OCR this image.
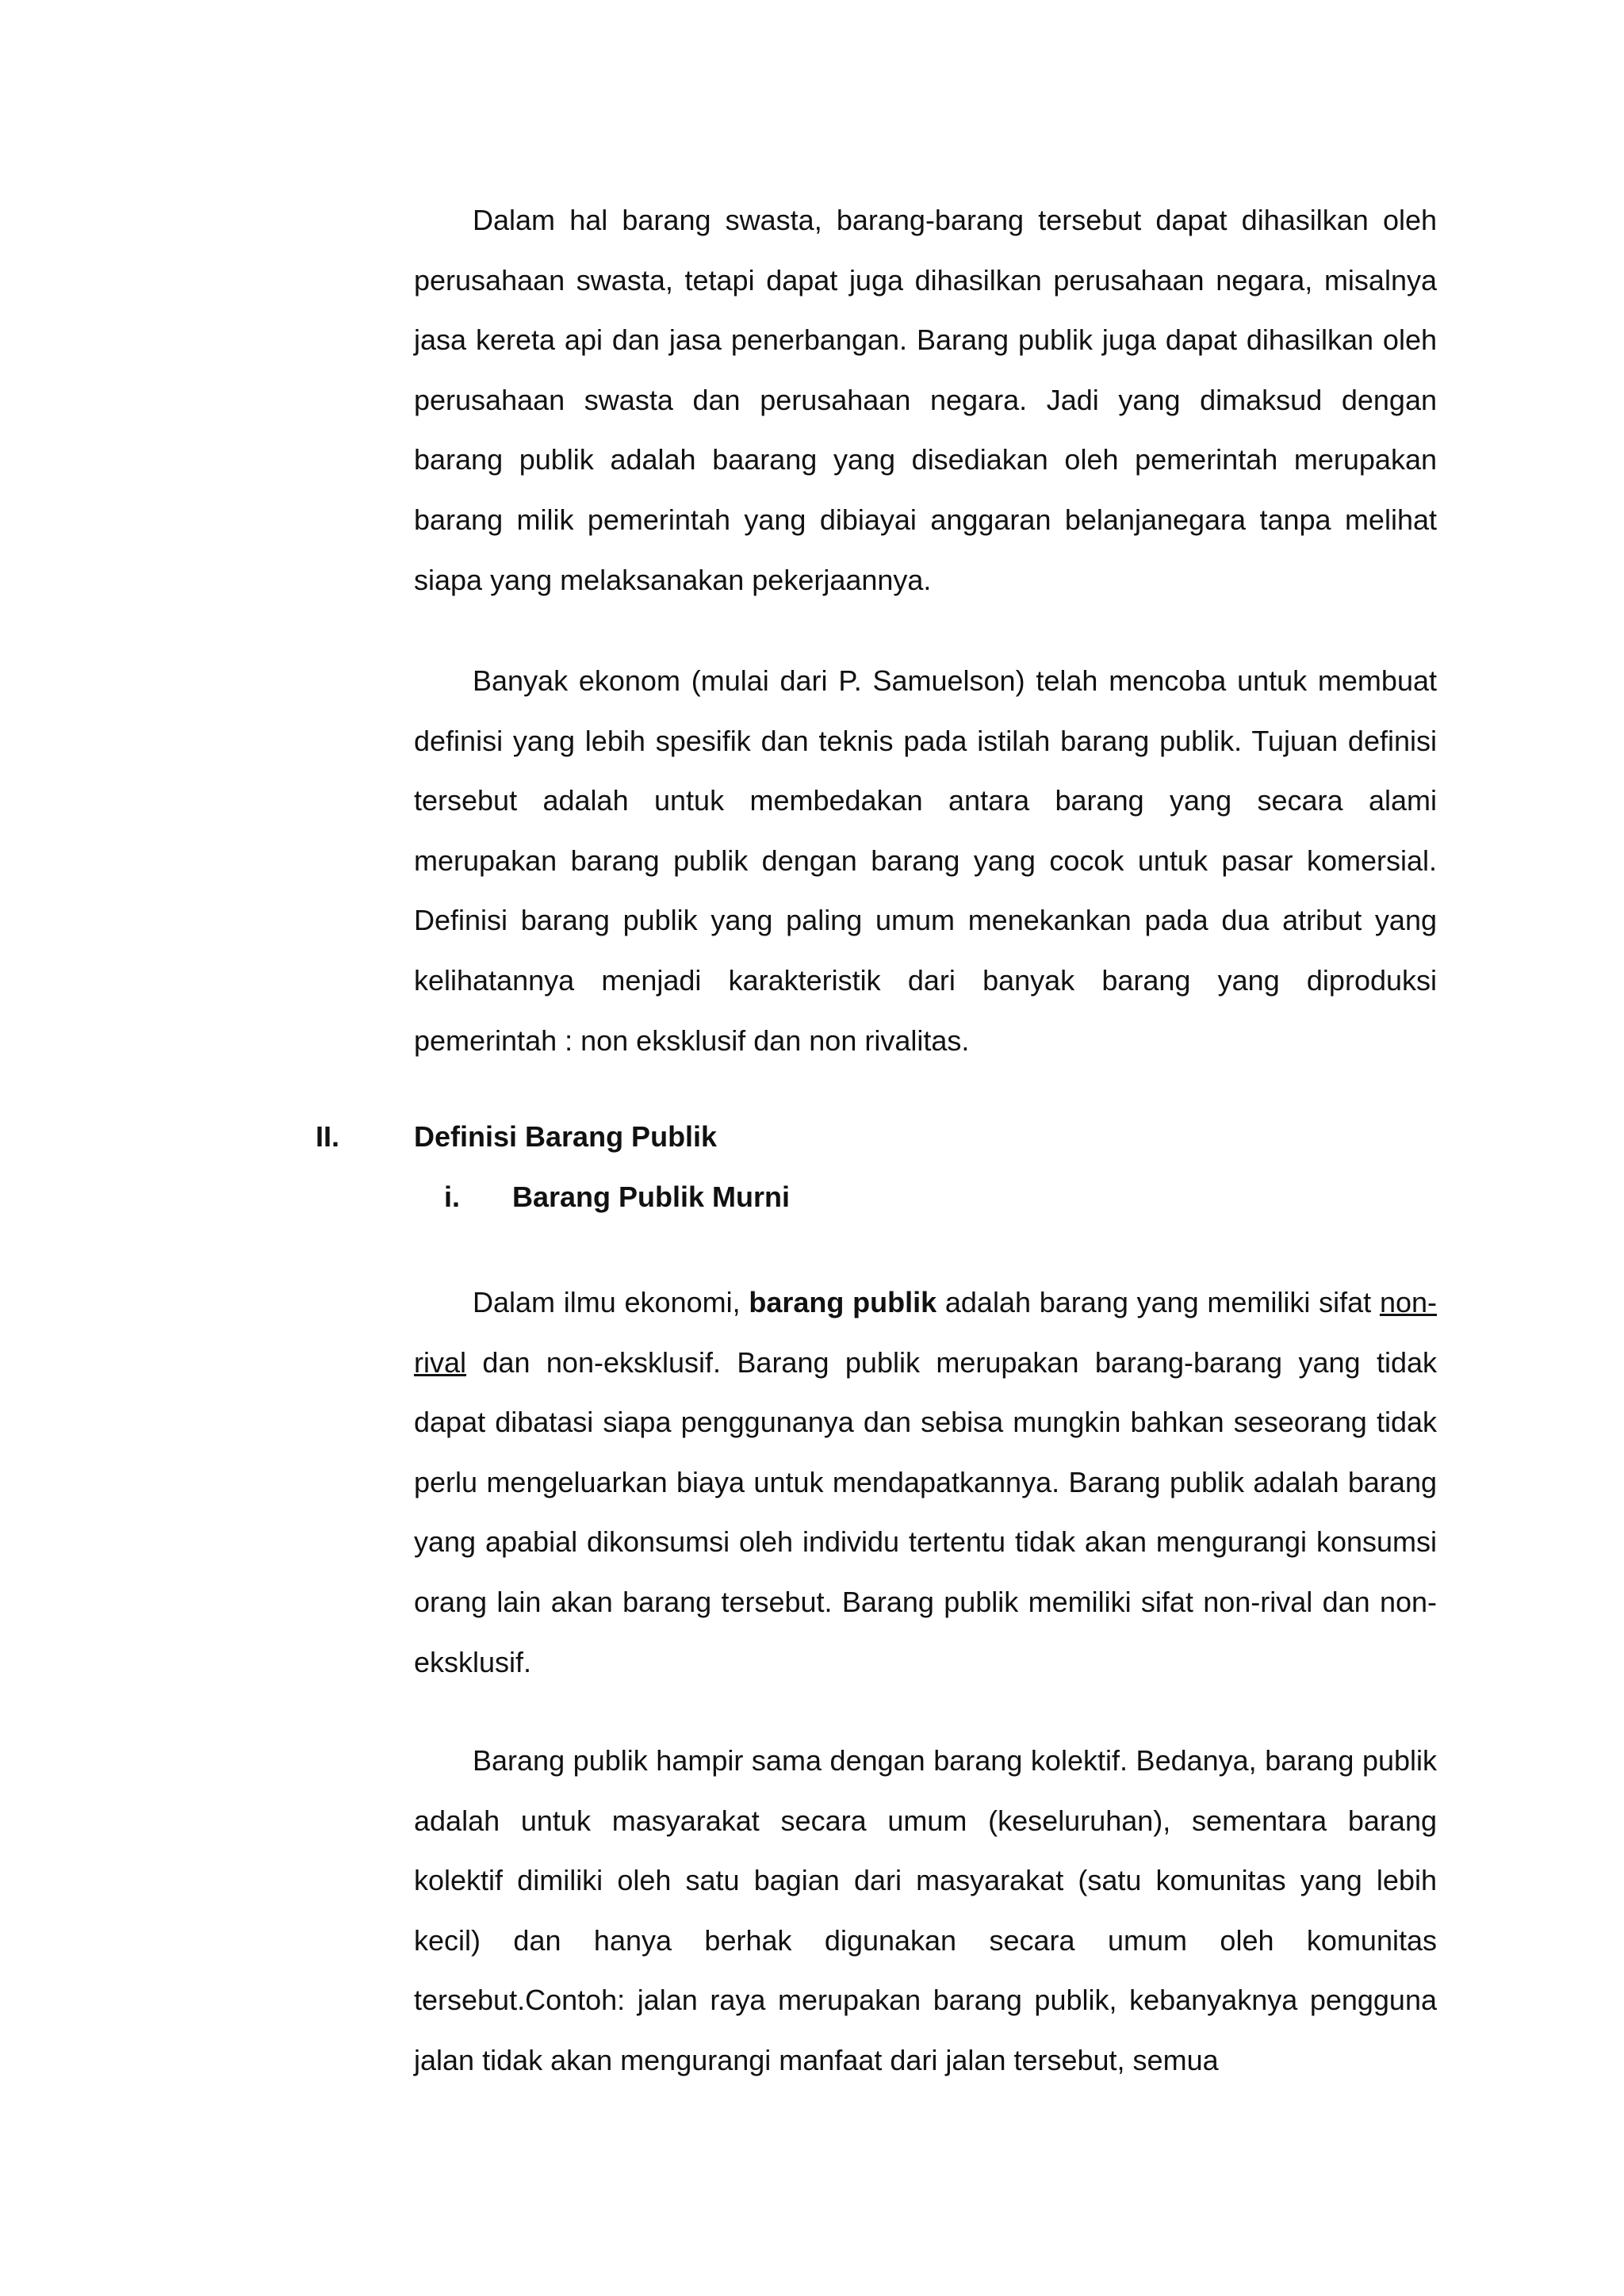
Dalam hal barang swasta, barang-barang tersebut dapat dihasilkan oleh perusahaan swasta, tetapi dapat juga dihasilkan perusahaan negara, misalnya jasa kereta api dan jasa penerbangan. Barang publik juga dapat dihasilkan oleh perusahaan swasta dan perusahaan negara. Jadi yang dimaksud dengan barang publik adalah baarang yang disediakan oleh pemerintah merupakan barang milik pemerintah yang dibiayai anggaran belanjanegara tanpa melihat siapa yang melaksanakan pekerjaannya.

Banyak ekonom (mulai dari P. Samuelson) telah mencoba untuk membuat definisi yang lebih spesifik dan teknis pada istilah barang publik. Tujuan definisi tersebut adalah untuk membedakan antara barang yang secara alami merupakan barang publik dengan barang yang cocok untuk pasar komersial. Definisi barang publik yang paling umum menekankan pada dua atribut yang kelihatannya menjadi karakteristik dari banyak barang yang diproduksi pemerintah : non eksklusif dan non rivalitas.

II.	Definisi Barang Publik
i. Barang Publik Murni

Dalam ilmu ekonomi, barang publik adalah barang yang memiliki sifat non-rival dan non-eksklusif. Barang publik merupakan barang-barang yang tidak dapat dibatasi siapa penggunanya dan sebisa mungkin bahkan seseorang tidak perlu mengeluarkan biaya untuk mendapatkannya. Barang publik adalah barang yang apabial dikonsumsi oleh individu tertentu tidak akan mengurangi konsumsi orang lain akan barang tersebut. Barang publik memiliki sifat non-rival dan non-eksklusif.

Barang publik hampir sama dengan barang kolektif. Bedanya, barang publik adalah untuk masyarakat secara umum (keseluruhan), sementara barang kolektif dimiliki oleh satu bagian dari masyarakat (satu komunitas yang lebih kecil) dan hanya berhak digunakan secara umum oleh komunitas tersebut.Contoh: jalan raya merupakan barang publik, kebanyaknya pengguna jalan tidak akan mengurangi manfaat dari jalan tersebut, semua
